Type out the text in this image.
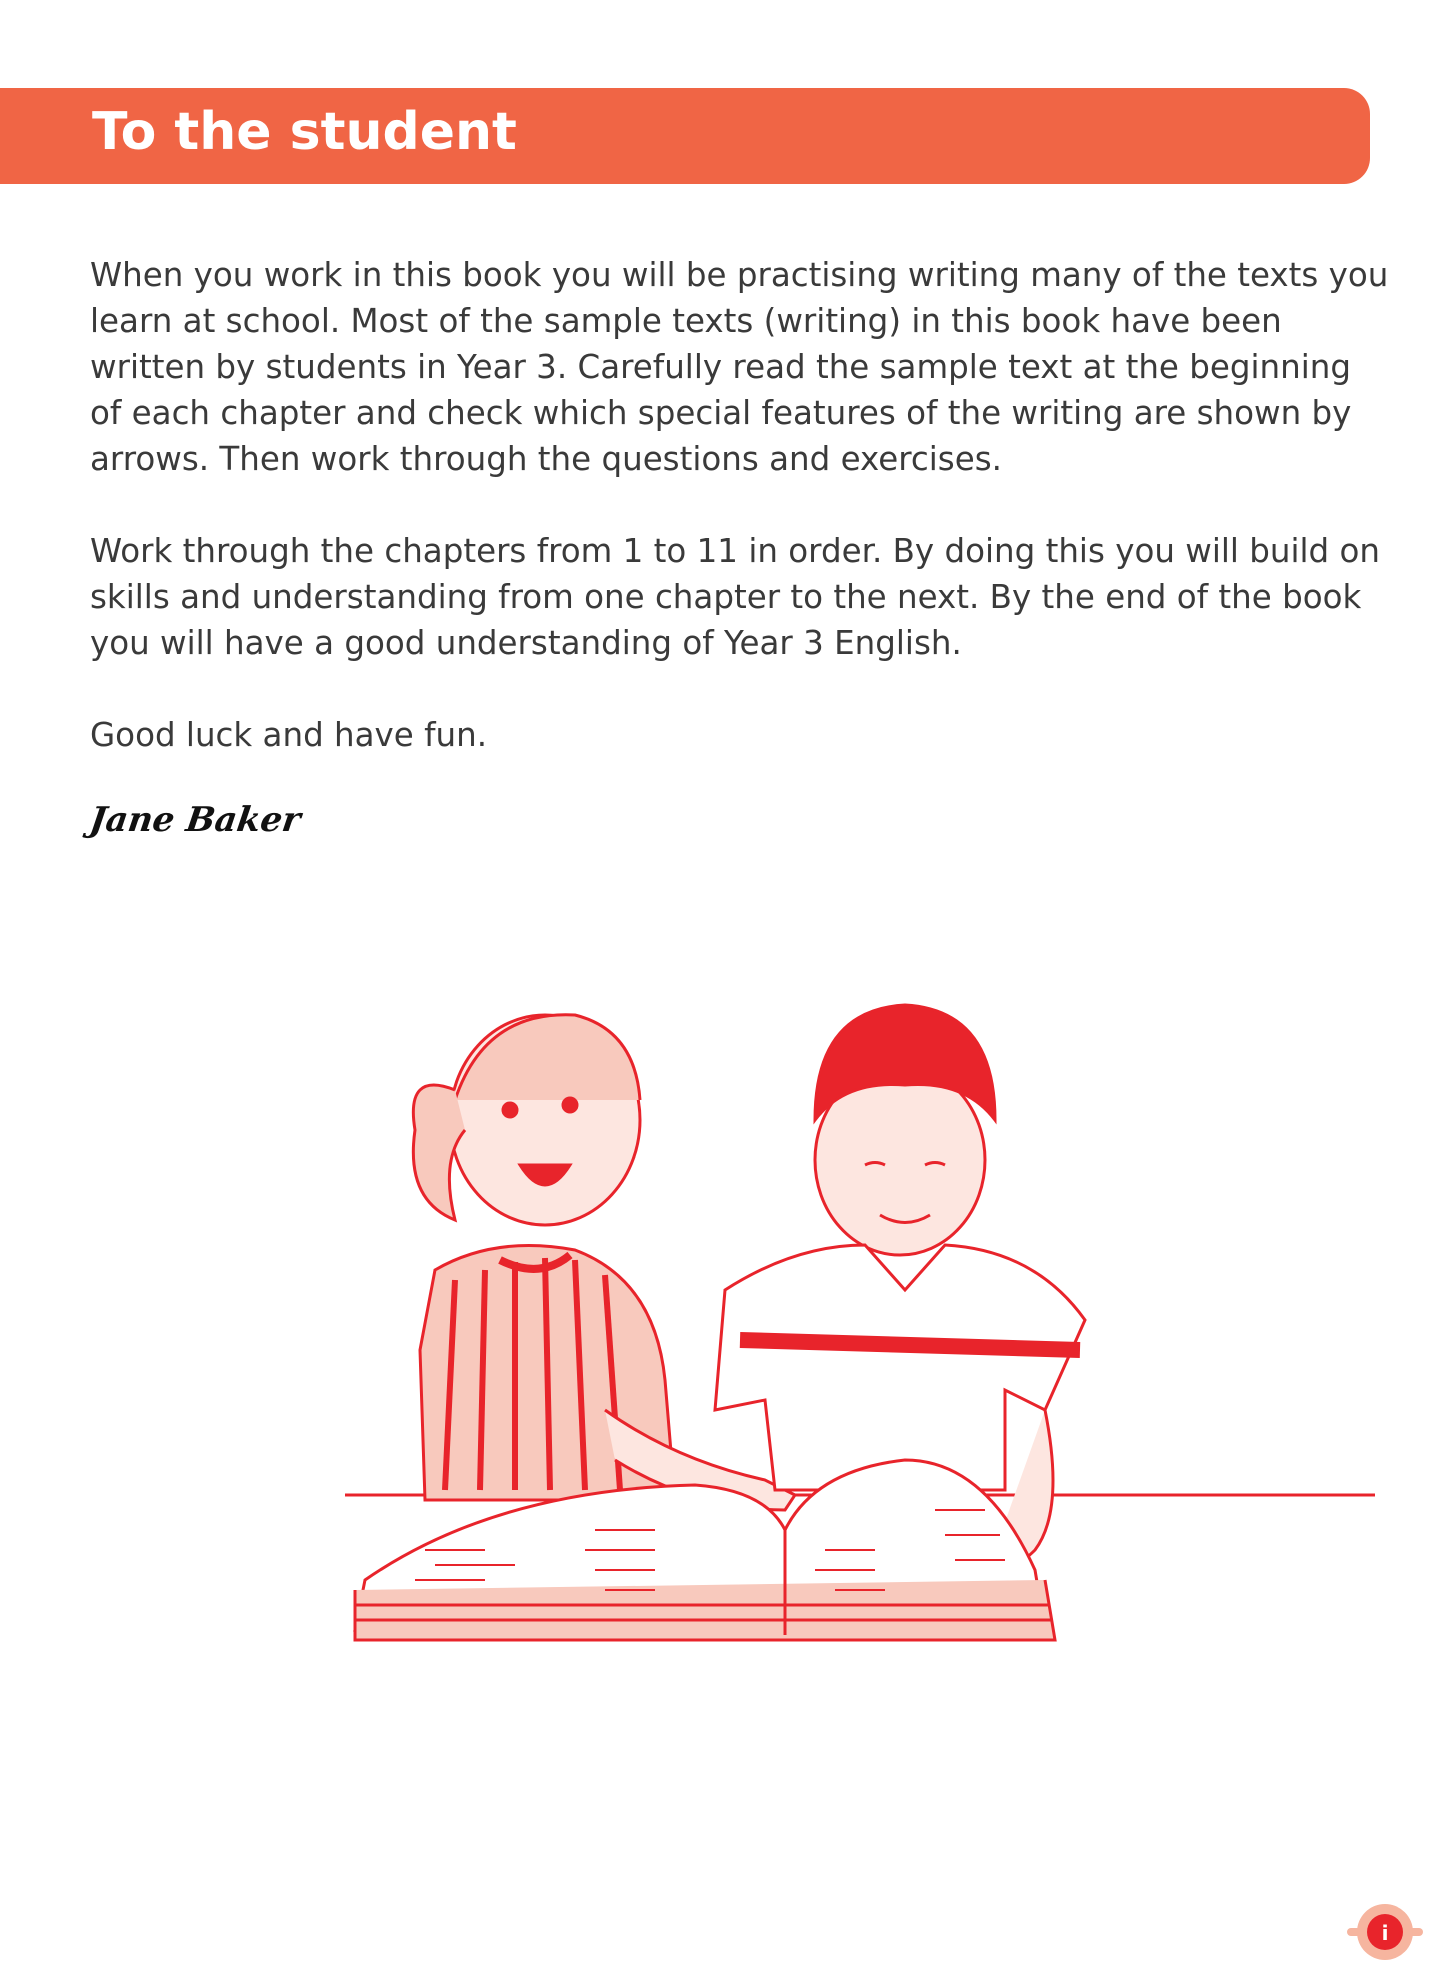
To the student

When you work in this book you will be practising writing many of the texts you learn at school. Most of the sample texts (writing) in this book have been written by students in Year 3. Carefully read the sample text at the beginning of each chapter and check which special features of the writing are shown by arrows. Then work through the questions and exercises.

Work through the chapters from 1 to 11 in order. By doing this you will build on skills and understanding from one chapter to the next. By the end of the book you will have a good understanding of Year 3 English.

Good luck and have fun.

Jane Baker
i
